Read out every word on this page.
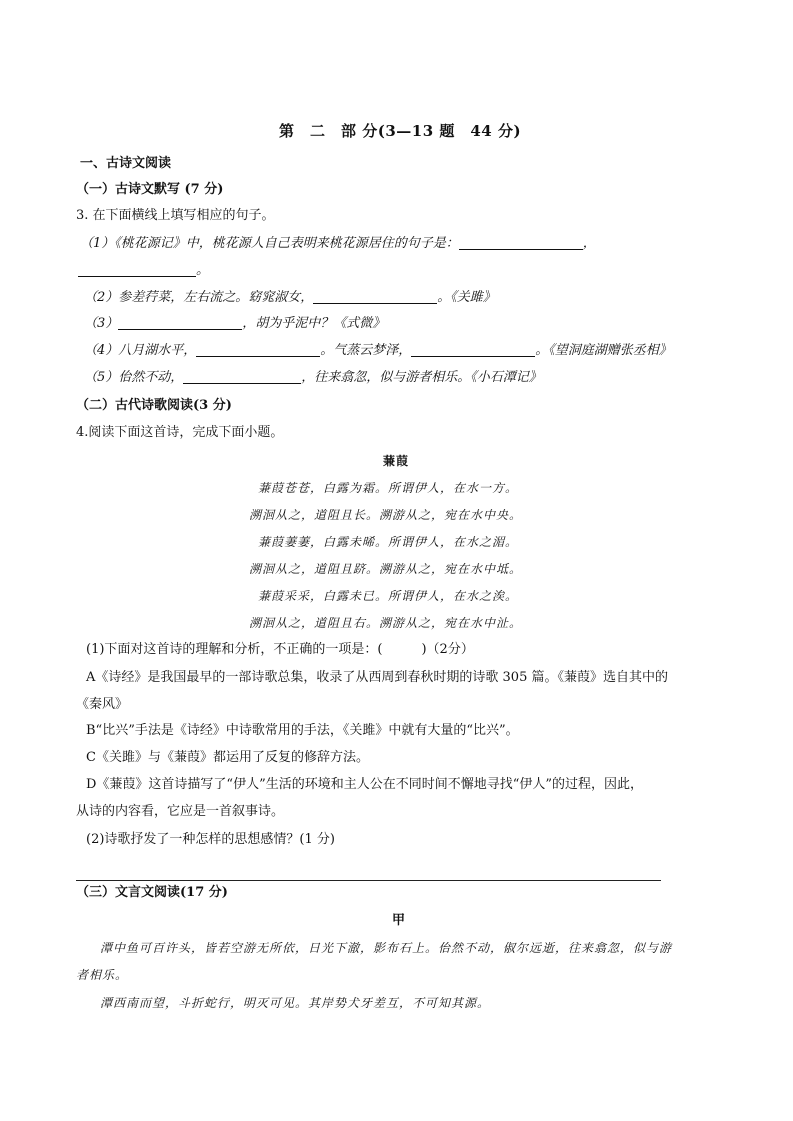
第　二　部 分(3—13 题　44 分)
一、古诗文阅读
（一）古诗文默写 (7 分)
3. 在下面横线上填写相应的句子。
（1）《桃花源记》中，桃花源人自己表明来桃花源居住的句子是：	，
。
（2）参差荇菜，左右流之。窈窕淑女，	。《关雎》
（3）	，胡为乎泥中？《式微》
（4）八月湖水平，	。气蒸云梦泽，	。《望洞庭湖赠张丞相》
（5）佁然不动，	，往来翕忽，似与游者相乐。《小石潭记》
（二）古代诗歌阅读(3 分)
4.阅读下面这首诗，完成下面小题。
蒹葭
蒹葭苍苍，白露为霜。所谓伊人，在水一方。
溯洄从之，道阻且长。溯游从之，宛在水中央。
蒹葭萋萋，白露未晞。所谓伊人，在水之湄。
溯洄从之，道阻且跻。溯游从之，宛在水中坻。
蒹葭采采，白露未已。所谓伊人，在水之涘。
溯洄从之，道阻且右。溯游从之，宛在水中沚。
(1)下面对这首诗的理解和分析，不正确的一项是：(　　　)（2分）
A《诗经》是我国最早的一部诗歌总集，收录了从西周到春秋时期的诗歌 305 篇。《蒹葭》选自其中的
《秦风》
B“比兴”手法是《诗经》中诗歌常用的手法，《关雎》中就有大量的“比兴”。
C《关雎》与《蒹葭》都运用了反复的修辞方法。
D《蒹葭》这首诗描写了“伊人”生活的环境和主人公在不同时间不懈地寻找“伊人”的过程，因此，
从诗的内容看，它应是一首叙事诗。
(2)诗歌抒发了一种怎样的思想感情？(1 分)
（三）文言文阅读(17 分)
甲
潭中鱼可百许头，皆若空游无所依，日光下澈，影布石上。佁然不动，俶尔远逝，往来翕忽，似与游
者相乐。
潭西南而望，斗折蛇行，明灭可见。其岸势犬牙差互，不可知其源。
